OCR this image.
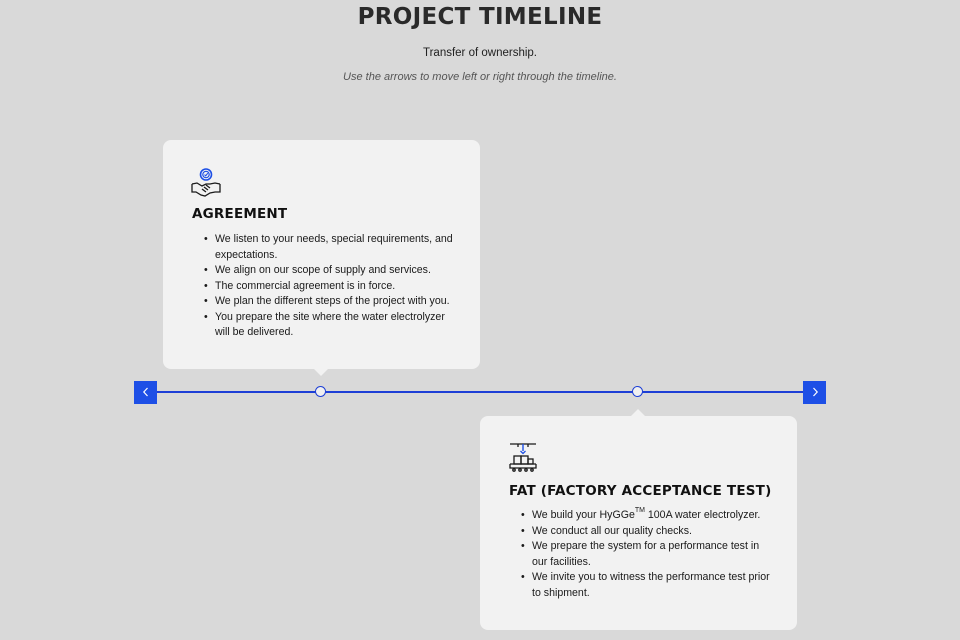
PROJECT TIMELINE
Transfer of ownership.
Use the arrows to move left or right through the timeline.
AGREEMENT
• We listen to your needs, special requirements, and expectations.
• We align on our scope of supply and services.
• The commercial agreement is in force.
• We plan the different steps of the project with you.
• You prepare the site where the water electrolyzer will be delivered.
FAT (FACTORY ACCEPTANCE TEST)
• We build your HyGGe™ 100A water electrolyzer.
• We conduct all our quality checks.
• We prepare the system for a performance test in our facilities.
• We invite you to witness the performance test prior to shipment.
